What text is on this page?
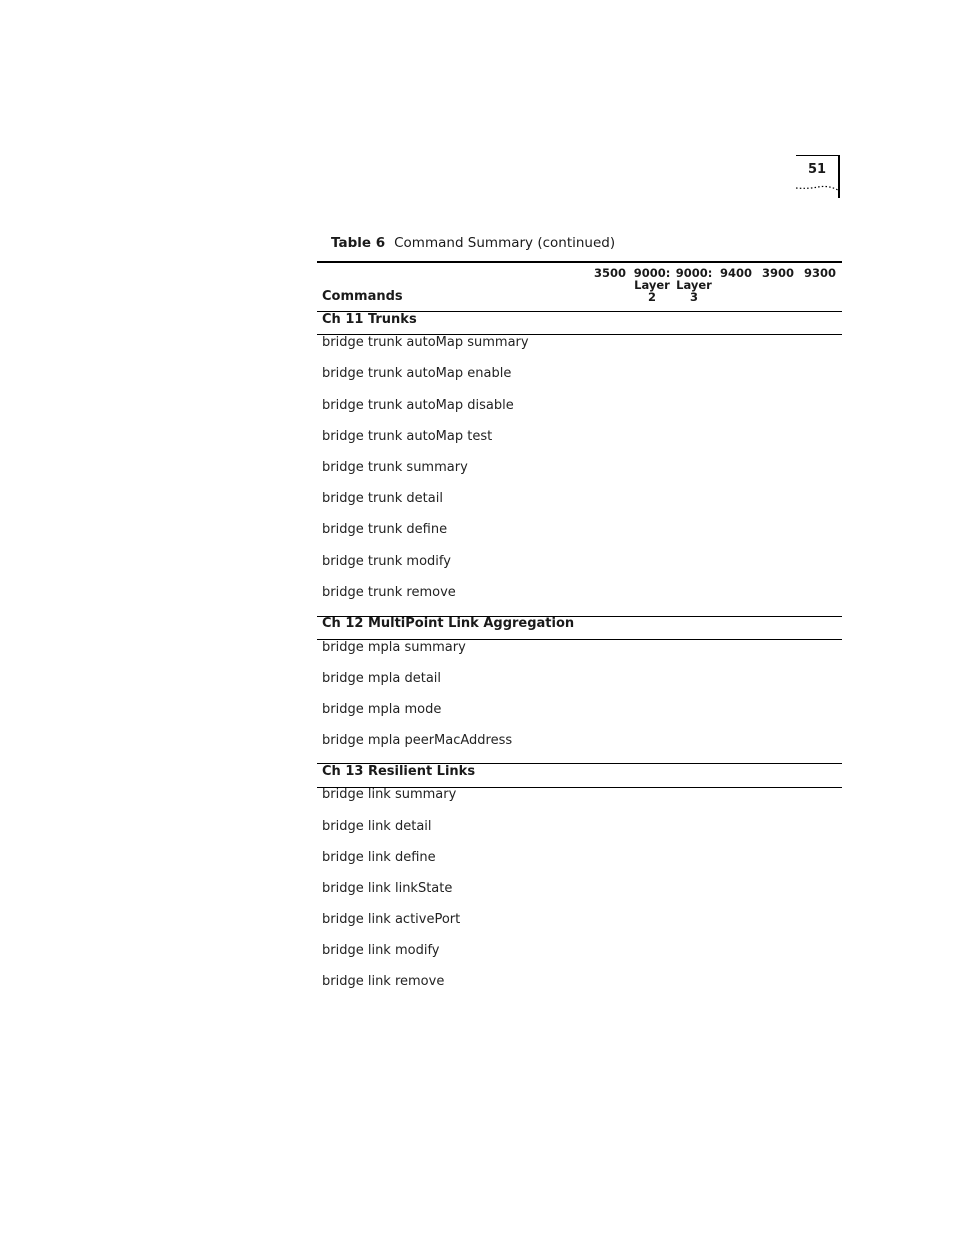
51
Table 6 Command Summary (continued)
3500 9000:
Layer
2
9000:
Layer
3
9400 3900 9300
Commands
Ch 11 Trunks
bridge trunk autoMap summary
bridge trunk autoMap enable
bridge trunk autoMap disable
bridge trunk autoMap test
bridge trunk summary
bridge trunk detail
bridge trunk define
bridge trunk modify
bridge trunk remove
Ch 12 MultiPoint Link Aggregation
bridge mpla summary
bridge mpla detail
bridge mpla mode
bridge mpla peerMacAddress
Ch 13 Resilient Links
bridge link summary
bridge link detail
bridge link define
bridge link linkState
bridge link activePort
bridge link modify
bridge link remove
